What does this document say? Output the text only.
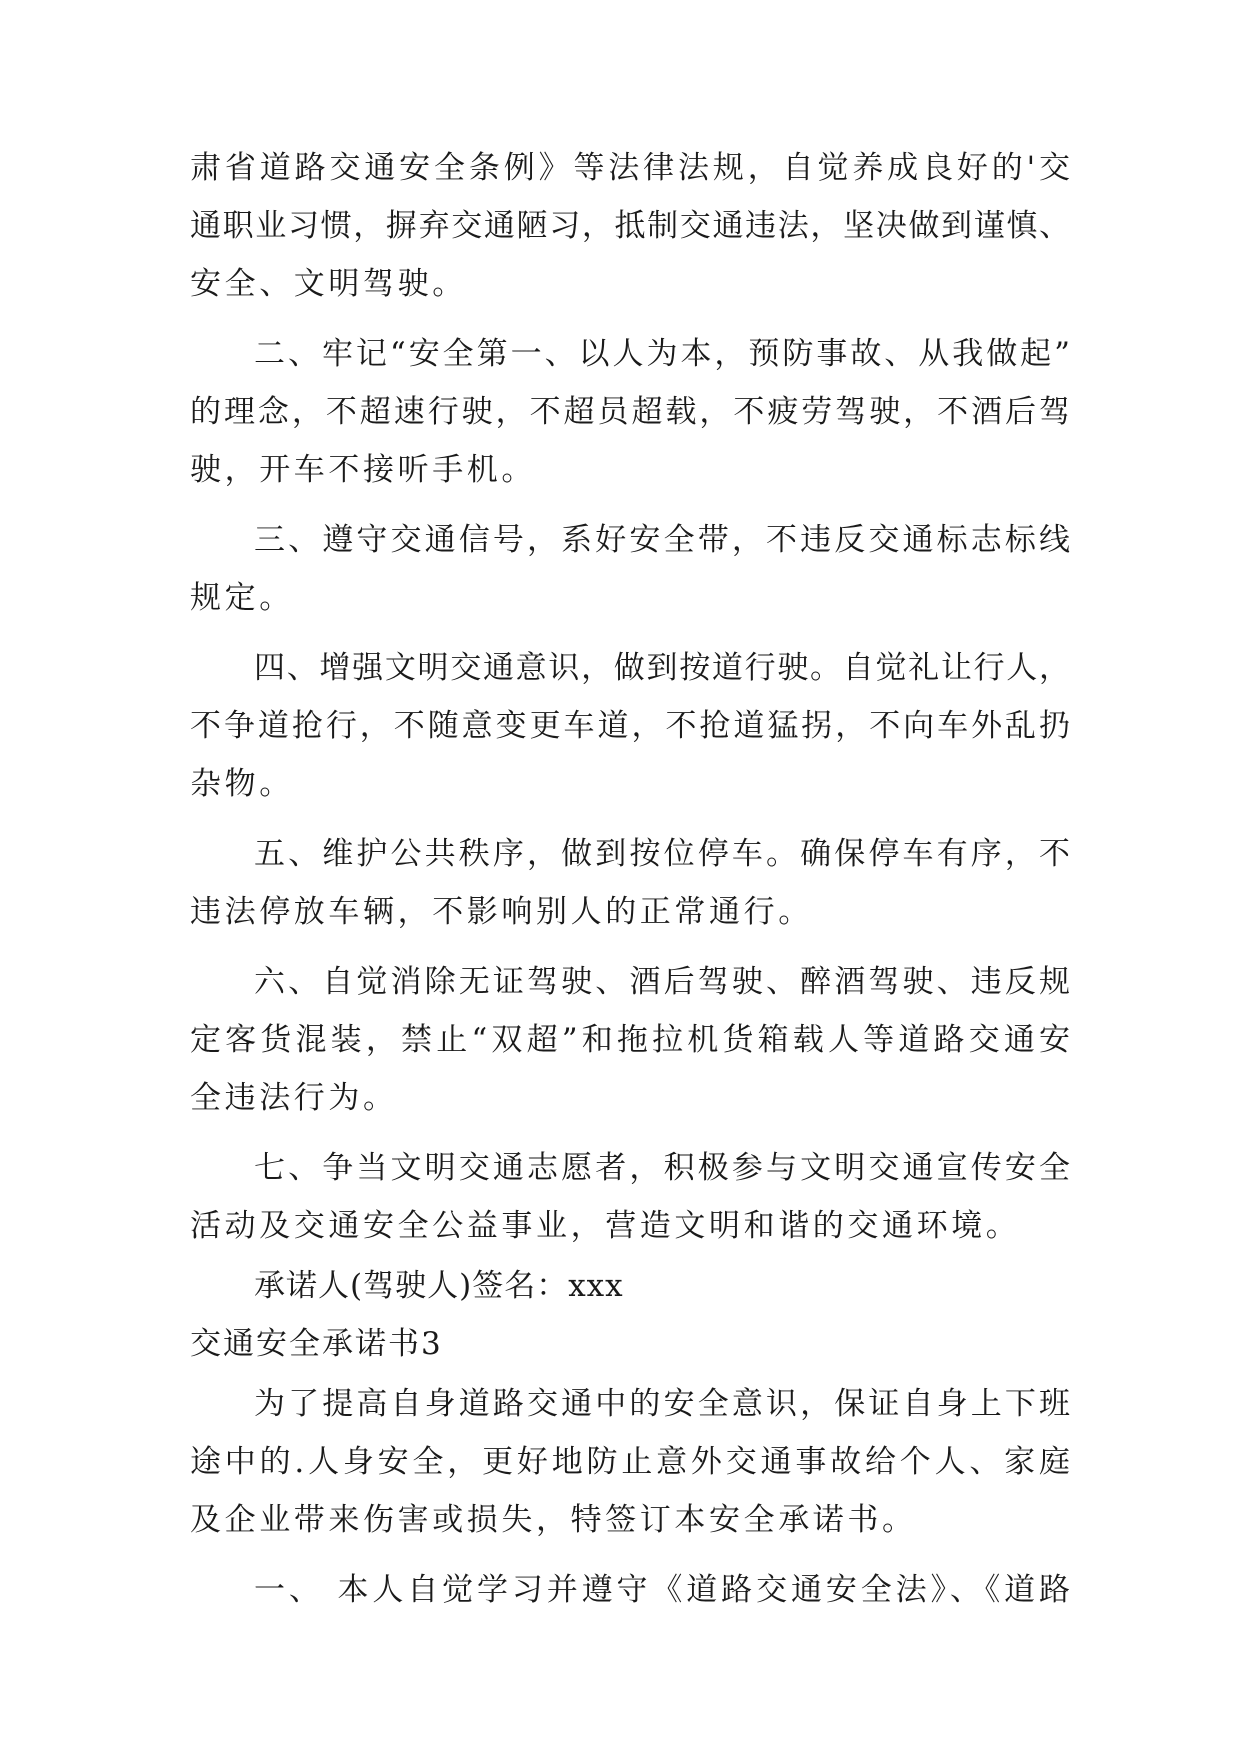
肃省道路交通安全条例》等法律法规，自觉养成良好的'交
通职业习惯，摒弃交通陋习，抵制交通违法，坚决做到谨慎、
安全、文明驾驶。
二、牢记“安全第一、以人为本，预防事故、从我做起”
的理念，不超速行驶，不超员超载，不疲劳驾驶，不酒后驾
驶，开车不接听手机。
三、遵守交通信号，系好安全带，不违反交通标志标线
规定。
四、增强文明交通意识，做到按道行驶。自觉礼让行人，
不争道抢行，不随意变更车道，不抢道猛拐，不向车外乱扔
杂物。
五、维护公共秩序，做到按位停车。确保停车有序，不
违法停放车辆，不影响别人的正常通行。
六、自觉消除无证驾驶、酒后驾驶、醉酒驾驶、违反规
定客货混装，禁止“双超”和拖拉机货箱载人等道路交通安
全违法行为。
七、争当文明交通志愿者，积极参与文明交通宣传安全
活动及交通安全公益事业，营造文明和谐的交通环境。
承诺人(驾驶人)签名：xxx
交通安全承诺书3
为了提高自身道路交通中的安全意识，保证自身上下班
途中的.人身安全，更好地防止意外交通事故给个人、家庭
及企业带来伤害或损失，特签订本安全承诺书。
一、 本人自觉学习并遵守《道路交通安全法》、《道路
